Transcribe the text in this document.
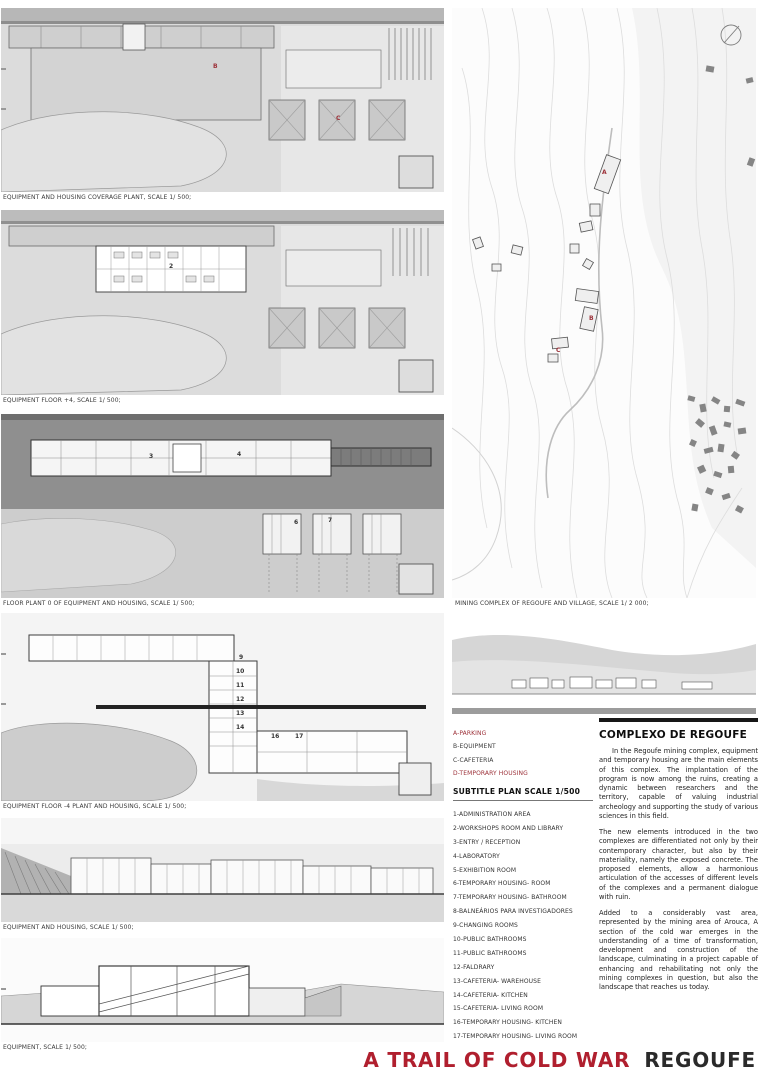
B
C
EQUIPMENT AND HOUSING COVERAGE PLANT, SCALE 1/ 500;
2
EQUIPMENT FLOOR +4, SCALE 1/ 500;
3	4
6	7
FLOOR PLANT 0 OF EQUIPMENT AND HOUSING, SCALE 1/ 500;
9
10
11
12
13
14
16	17
EQUIPMENT FLOOR -4 PLANT AND HOUSING, SCALE 1/ 500;
EQUIPMENT AND HOUSING, SCALE 1/ 500;
EQUIPMENT, SCALE 1/ 500;
A
B
C
MINING COMPLEX OF REGOUFE AND VILLAGE, SCALE 1/ 2 000;
A-PARKING
B-EQUIPMENT
C-CAFETERIA
D-TEMPORARY HOUSING
SUBTITLE PLAN SCALE 1/500
1-ADMINISTRATION AREA
2-WORKSHOPS ROOM AND LIBRARY
3-ENTRY / RECEPTION
4-LABORATORY
5-EXHIBITION ROOM
6-TEMPORARY HOUSING- ROOM
7-TEMPORARY HOUSING- BATHROOM
8-BALNEÁRIOS PARA INVESTIGADORES
9-CHANGING ROOMS
10-PUBLIC BATHROOMS
11-PUBLIC BATHROOMS
12-FALDRARY
13-CAFETERIA- WAREHOUSE
14-CAFETERIA- KITCHEN
15-CAFETERIA- LIVING ROOM
16-TEMPORARY HOUSING- KITCHEN
17-TEMPORARY HOUSING- LIVING ROOM
COMPLEXO DE REGOUFE

In the Regoufe mining complex, equipment and temporary housing are the main elements of this complex. The implantation of the program is now among the ruins, creating a dynamic between researchers and the territory, capable of valuing industrial archeology and supporting the study of various sciences in this field.

The new elements introduced in the two complexes are differentiated not only by their contemporary character, but also by their materiality, namely the exposed concrete. The proposed elements, allow a harmonious articulation of the accesses of different levels of the complexes and a permanent dialogue with ruin.

Added to a considerably vast area, represented by the mining area of Arouca, A section of the cold war emerges in the understanding of a time of transformation, development and construction of the landscape, culminating in a project capable of enhancing and rehabilitating not only the mining complexes in question, but also the landscape that reaches us today.

A TRAIL OF COLD WAR REGOUFE
